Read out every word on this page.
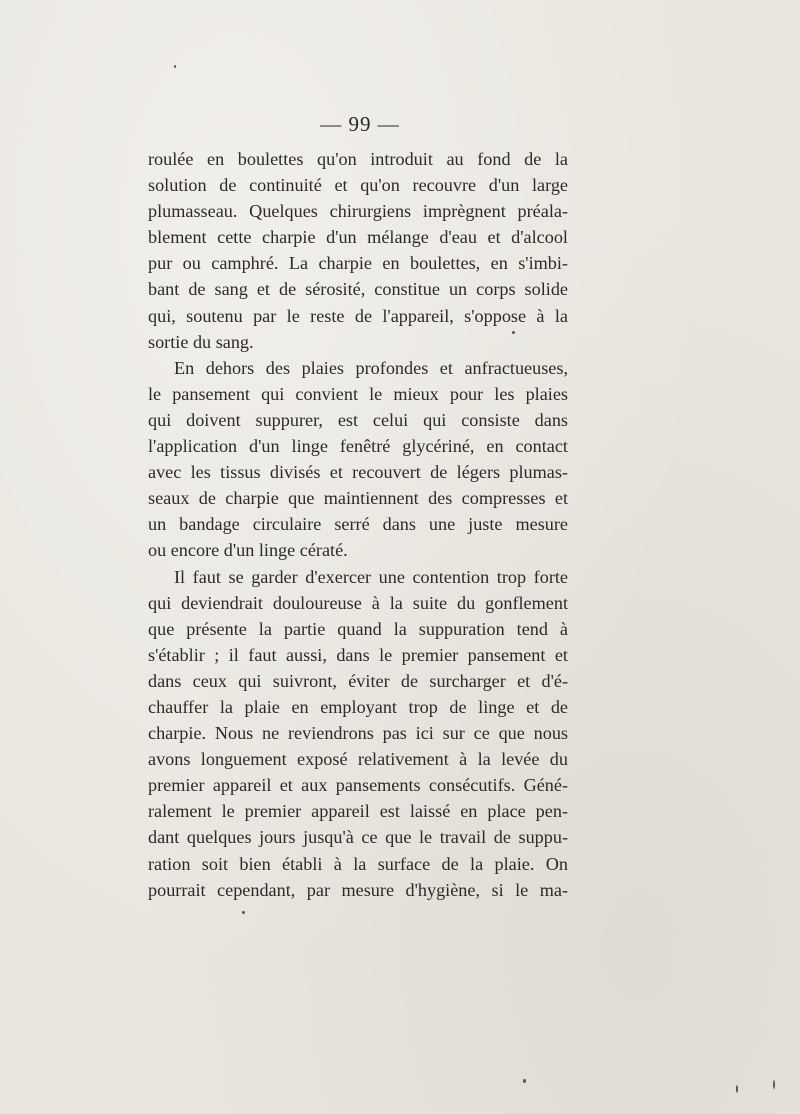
— 99 —
roulée en boulettes qu'on introduit au fond de la
solution de continuité et qu'on recouvre d'un large
plumasseau. Quelques chirurgiens imprègnent préala-
blement cette charpie d'un mélange d'eau et d'alcool
pur ou camphré. La charpie en boulettes, en s'imbi-
bant de sang et de sérosité, constitue un corps solide
qui, soutenu par le reste de l'appareil, s'oppose à la
sortie du sang.
En dehors des plaies profondes et anfractueuses,
le pansement qui convient le mieux pour les plaies
qui doivent suppurer, est celui qui consiste dans
l'application d'un linge fenêtré glycériné, en contact
avec les tissus divisés et recouvert de légers plumas-
seaux de charpie que maintiennent des compresses et
un bandage circulaire serré dans une juste mesure
ou encore d'un linge cératé.
Il faut se garder d'exercer une contention trop forte
qui deviendrait douloureuse à la suite du gonflement
que présente la partie quand la suppuration tend à
s'établir ; il faut aussi, dans le premier pansement et
dans ceux qui suivront, éviter de surcharger et d'é-
chauffer la plaie en employant trop de linge et de
charpie. Nous ne reviendrons pas ici sur ce que nous
avons longuement exposé relativement à la levée du
premier appareil et aux pansements consécutifs. Géné-
ralement le premier appareil est laissé en place pen-
dant quelques jours jusqu'à ce que le travail de suppu-
ration soit bien établi à la surface de la plaie. On
pourrait cependant, par mesure d'hygiène, si le ma-
